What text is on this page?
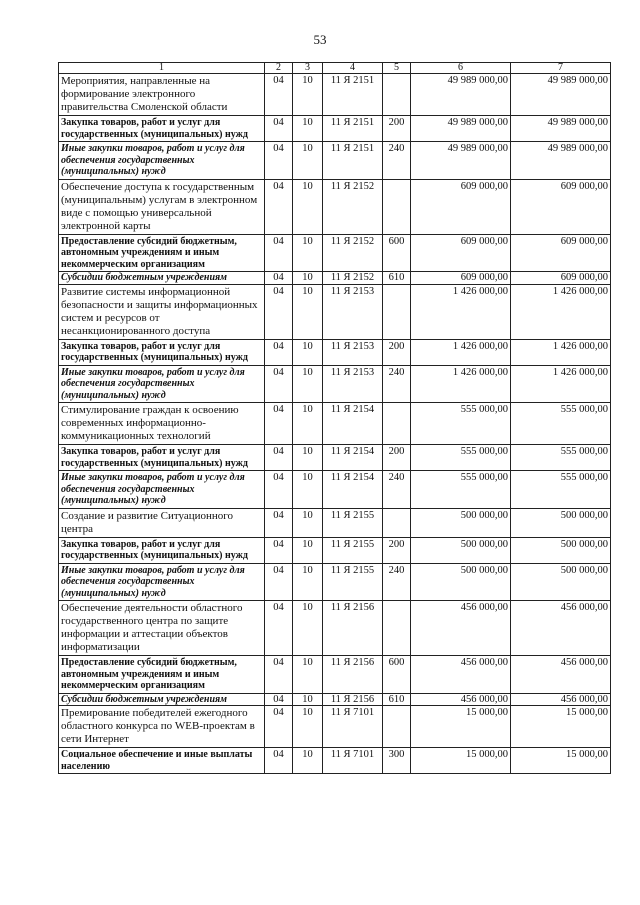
53
1	2	3	4	5	6	7
Мероприятия, направленные на формирование электронного правительства Смоленской области	04	10	11 Я 2151		49 989 000,00	49 989 000,00
Закупка товаров, работ и услуг для государственных (муниципальных) нужд	04	10	11 Я 2151	200	49 989 000,00	49 989 000,00
Иные закупки товаров, работ и услуг для обеспечения государственных (муниципальных) нужд	04	10	11 Я 2151	240	49 989 000,00	49 989 000,00
Обеспечение доступа к государственным (муниципальным) услугам в электронном виде с помощью универсальной электронной карты	04	10	11 Я 2152		609 000,00	609 000,00
Предоставление субсидий бюджетным, автономным учреждениям и иным некоммерческим организациям	04	10	11 Я 2152	600	609 000,00	609 000,00
Субсидии бюджетным учреждениям	04	10	11 Я 2152	610	609 000,00	609 000,00
Развитие системы информационной безопасности и защиты информационных систем и ресурсов от несанкционированного доступа	04	10	11 Я 2153		1 426 000,00	1 426 000,00
Закупка товаров, работ и услуг для государственных (муниципальных) нужд	04	10	11 Я 2153	200	1 426 000,00	1 426 000,00
Иные закупки товаров, работ и услуг для обеспечения государственных (муниципальных) нужд	04	10	11 Я 2153	240	1 426 000,00	1 426 000,00
Стимулирование граждан к освоению современных информационно-коммуникационных технологий	04	10	11 Я 2154		555 000,00	555 000,00
Закупка товаров, работ и услуг для государственных (муниципальных) нужд	04	10	11 Я 2154	200	555 000,00	555 000,00
Иные закупки товаров, работ и услуг для обеспечения государственных (муниципальных) нужд	04	10	11 Я 2154	240	555 000,00	555 000,00
Создание и развитие Ситуационного центра	04	10	11 Я 2155		500 000,00	500 000,00
Закупка товаров, работ и услуг для государственных (муниципальных) нужд	04	10	11 Я 2155	200	500 000,00	500 000,00
Иные закупки товаров, работ и услуг для обеспечения государственных (муниципальных) нужд	04	10	11 Я 2155	240	500 000,00	500 000,00
Обеспечение деятельности областного государственного центра по защите информации и аттестации объектов информатизации	04	10	11 Я 2156		456 000,00	456 000,00
Предоставление субсидий бюджетным, автономным учреждениям и иным некоммерческим организациям	04	10	11 Я 2156	600	456 000,00	456 000,00
Субсидии бюджетным учреждениям	04	10	11 Я 2156	610	456 000,00	456 000,00
Премирование победителей ежегодного областного конкурса по WEB-проектам в сети Интернет	04	10	11 Я 7101		15 000,00	15 000,00
Социальное обеспечение и иные выплаты населению	04	10	11 Я 7101	300	15 000,00	15 000,00
